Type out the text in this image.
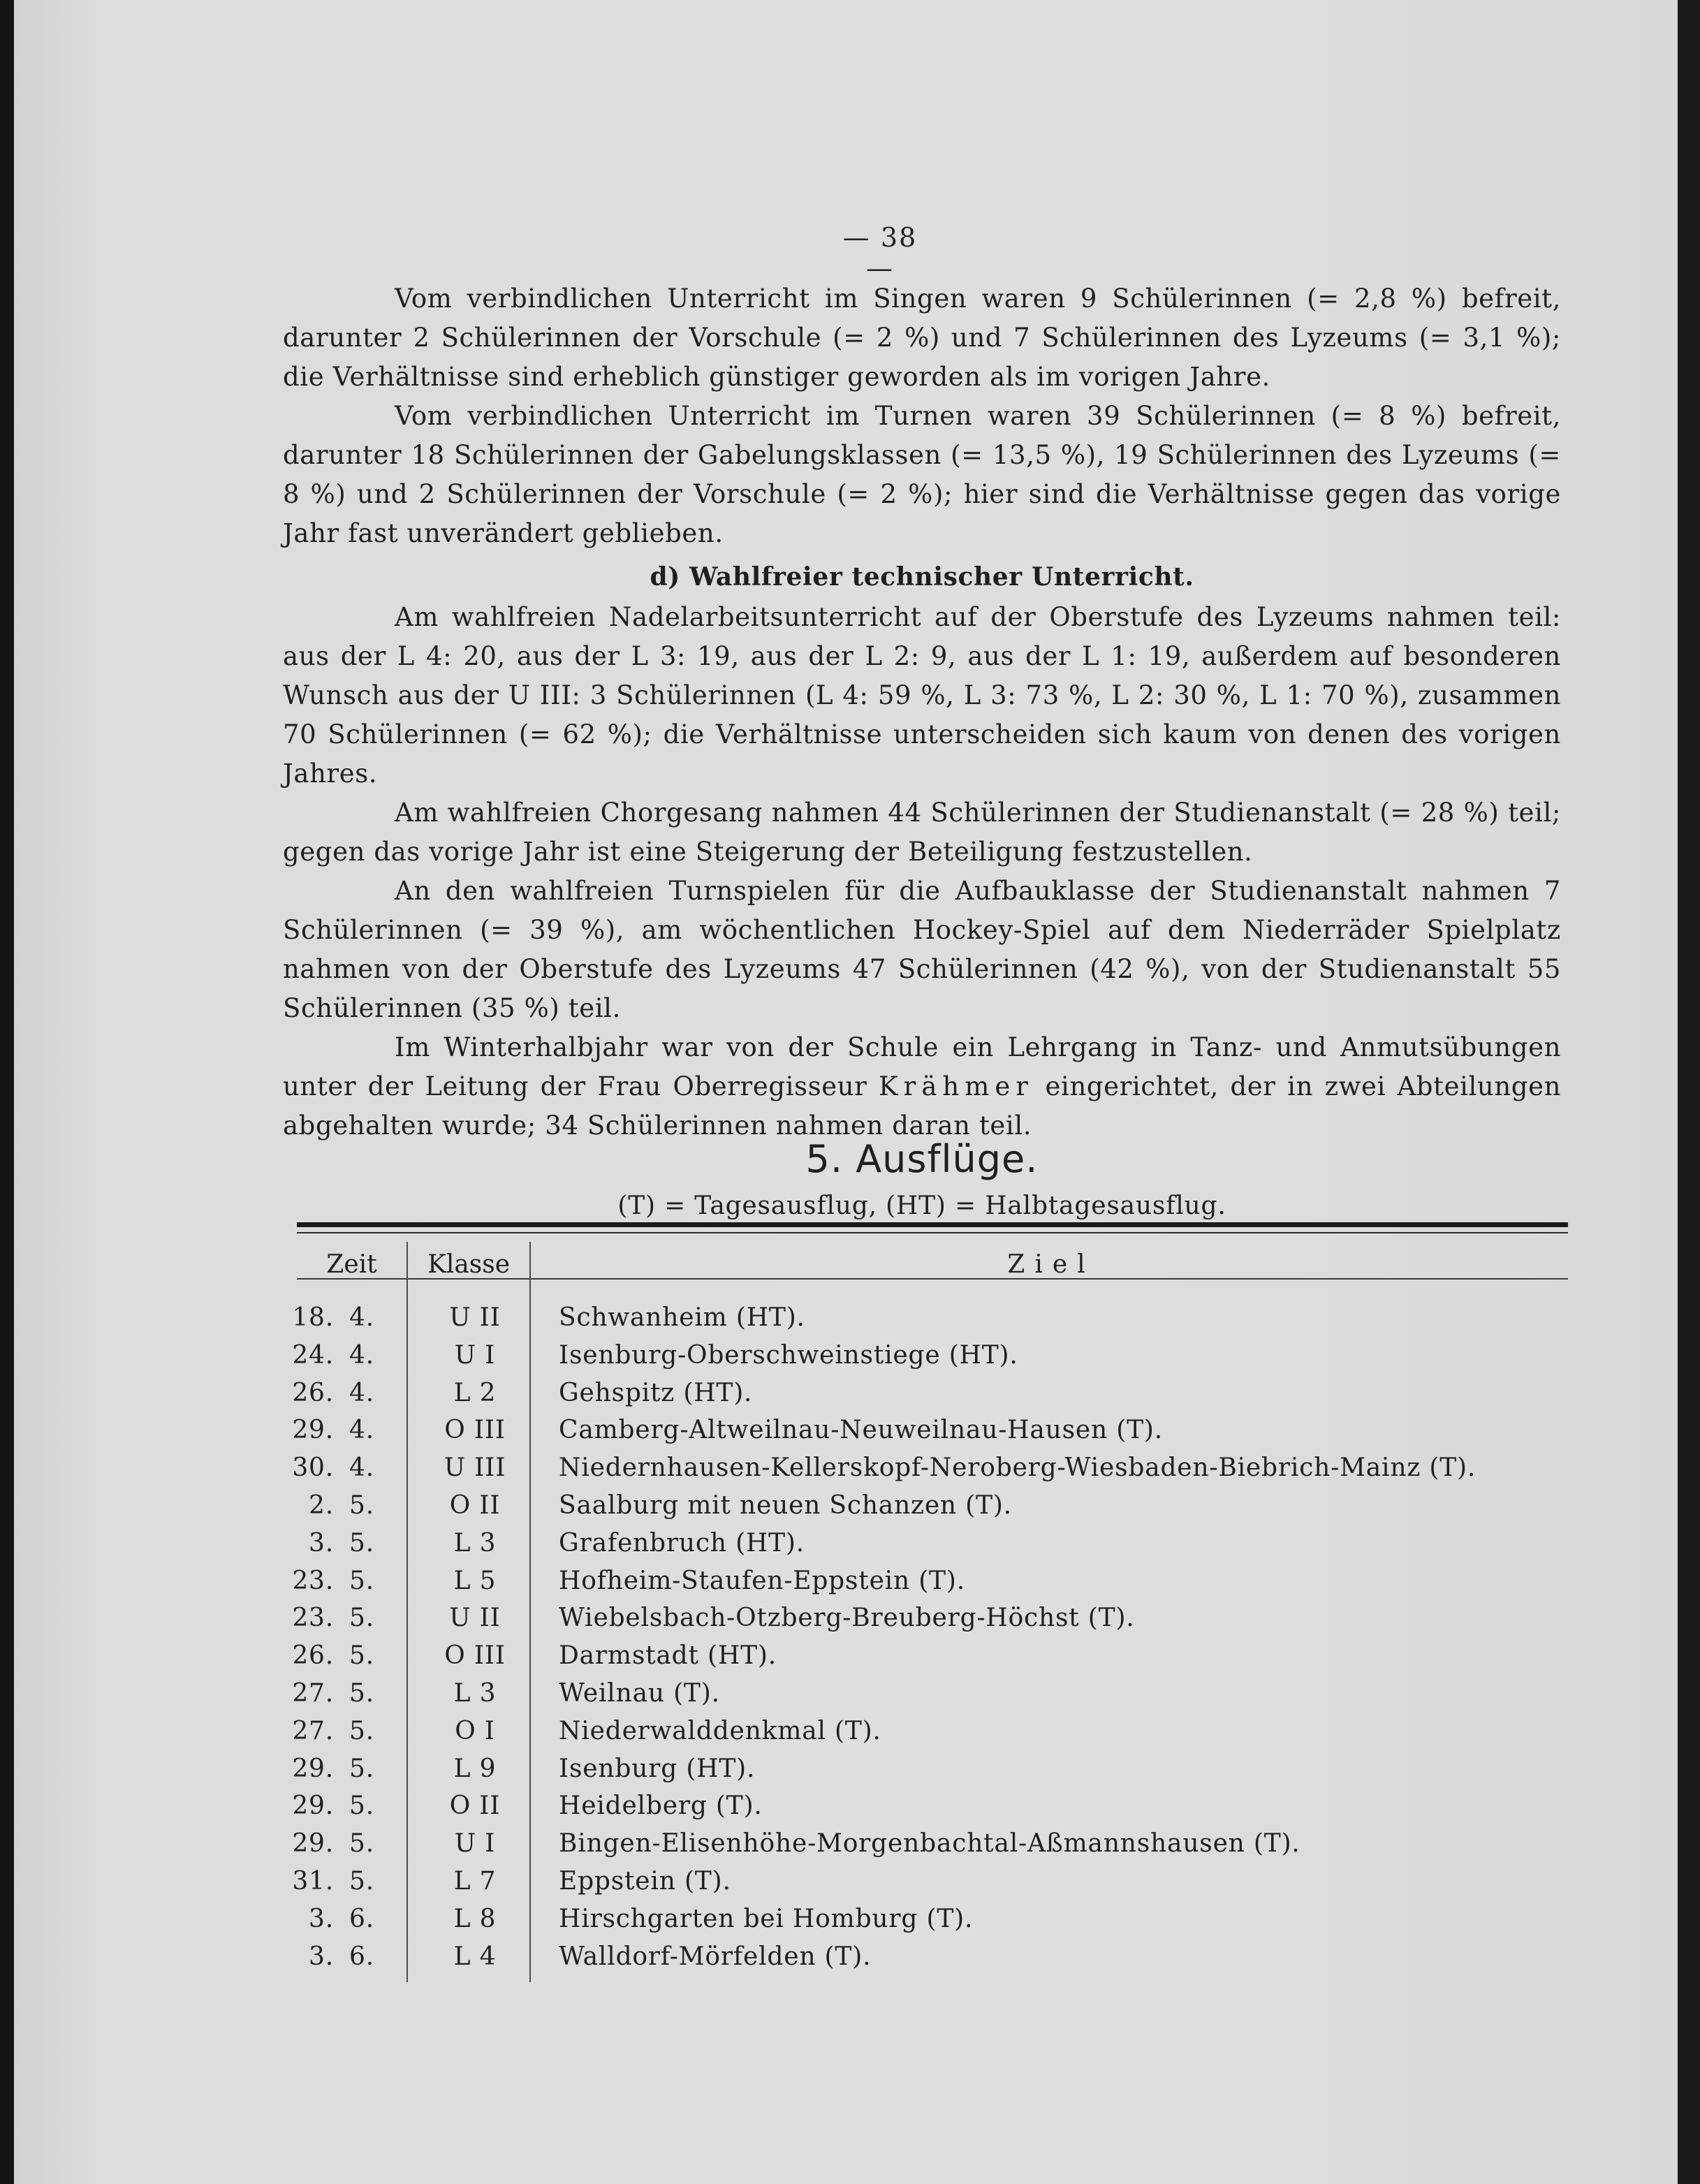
— 38 —

Vom verbindlichen Unterricht im Singen waren 9 Schülerinnen (= 2,8 %) befreit, darunter 2 Schülerinnen der Vorschule (= 2 %) und 7 Schülerinnen des Lyzeums (= 3,1 %); die Verhältnisse sind erheblich günstiger geworden als im vorigen Jahre.

Vom verbindlichen Unterricht im Turnen waren 39 Schülerinnen (= 8 %) befreit, darunter 18 Schülerinnen der Gabelungsklassen (= 13,5 %), 19 Schülerinnen des Lyzeums (= 8 %) und 2 Schülerinnen der Vorschule (= 2 %); hier sind die Verhältnisse gegen das vorige Jahr fast unverändert geblieben.

d) Wahlfreier technischer Unterricht.

Am wahlfreien Nadelarbeitsunterricht auf der Oberstufe des Lyzeums nahmen teil: aus der L 4: 20, aus der L 3: 19, aus der L 2: 9, aus der L 1: 19, außerdem auf besonderen Wunsch aus der U III: 3 Schülerinnen (L 4: 59 %, L 3: 73 %, L 2: 30 %, L 1: 70 %), zusammen 70 Schülerinnen (= 62 %); die Verhältnisse unterscheiden sich kaum von denen des vorigen Jahres.

Am wahlfreien Chorgesang nahmen 44 Schülerinnen der Studienanstalt (= 28 %) teil; gegen das vorige Jahr ist eine Steigerung der Beteiligung festzustellen.

An den wahlfreien Turnspielen für die Aufbauklasse der Studienanstalt nahmen 7 Schülerinnen (= 39 %), am wöchentlichen Hockey-Spiel auf dem Niederräder Spielplatz nahmen von der Oberstufe des Lyzeums 47 Schülerinnen (42 %), von der Studienanstalt 55 Schülerinnen (35 %) teil.

Im Winterhalbjahr war von der Schule ein Lehrgang in Tanz- und Anmutsübungen unter der Leitung der Frau Oberregisseur Krähmer eingerichtet, der in zwei Abteilungen abgehalten wurde; 34 Schülerinnen nahmen daran teil.

5. Ausflüge.
(T) = Tagesausflug, (HT) = Halbtagesausflug.
Zeit	Klasse	Ziel
18. 4.	U II	Schwanheim (HT).
24. 4.	U I	Isenburg-Oberschweinstiege (HT).
26. 4.	L 2	Gehspitz (HT).
29. 4.	O III	Camberg-Altweilnau-Neuweilnau-Hausen (T).
30. 4.	U III	Niedernhausen-Kellerskopf-Neroberg-Wiesbaden-Biebrich-Mainz (T).
2. 5.	O II	Saalburg mit neuen Schanzen (T).
3. 5.	L 3	Grafenbruch (HT).
23. 5.	L 5	Hofheim-Staufen-Eppstein (T).
23. 5.	U II	Wiebelsbach-Otzberg-Breuberg-Höchst (T).
26. 5.	O III	Darmstadt (HT).
27. 5.	L 3	Weilnau (T).
27. 5.	O I	Niederwalddenkmal (T).
29. 5.	L 9	Isenburg (HT).
29. 5.	O II	Heidelberg (T).
29. 5.	U I	Bingen-Elisenhöhe-Morgenbachtal-Aßmannshausen (T).
31. 5.	L 7	Eppstein (T).
3. 6.	L 8	Hirschgarten bei Homburg (T).
3. 6.	L 4	Walldorf-Mörfelden (T).
